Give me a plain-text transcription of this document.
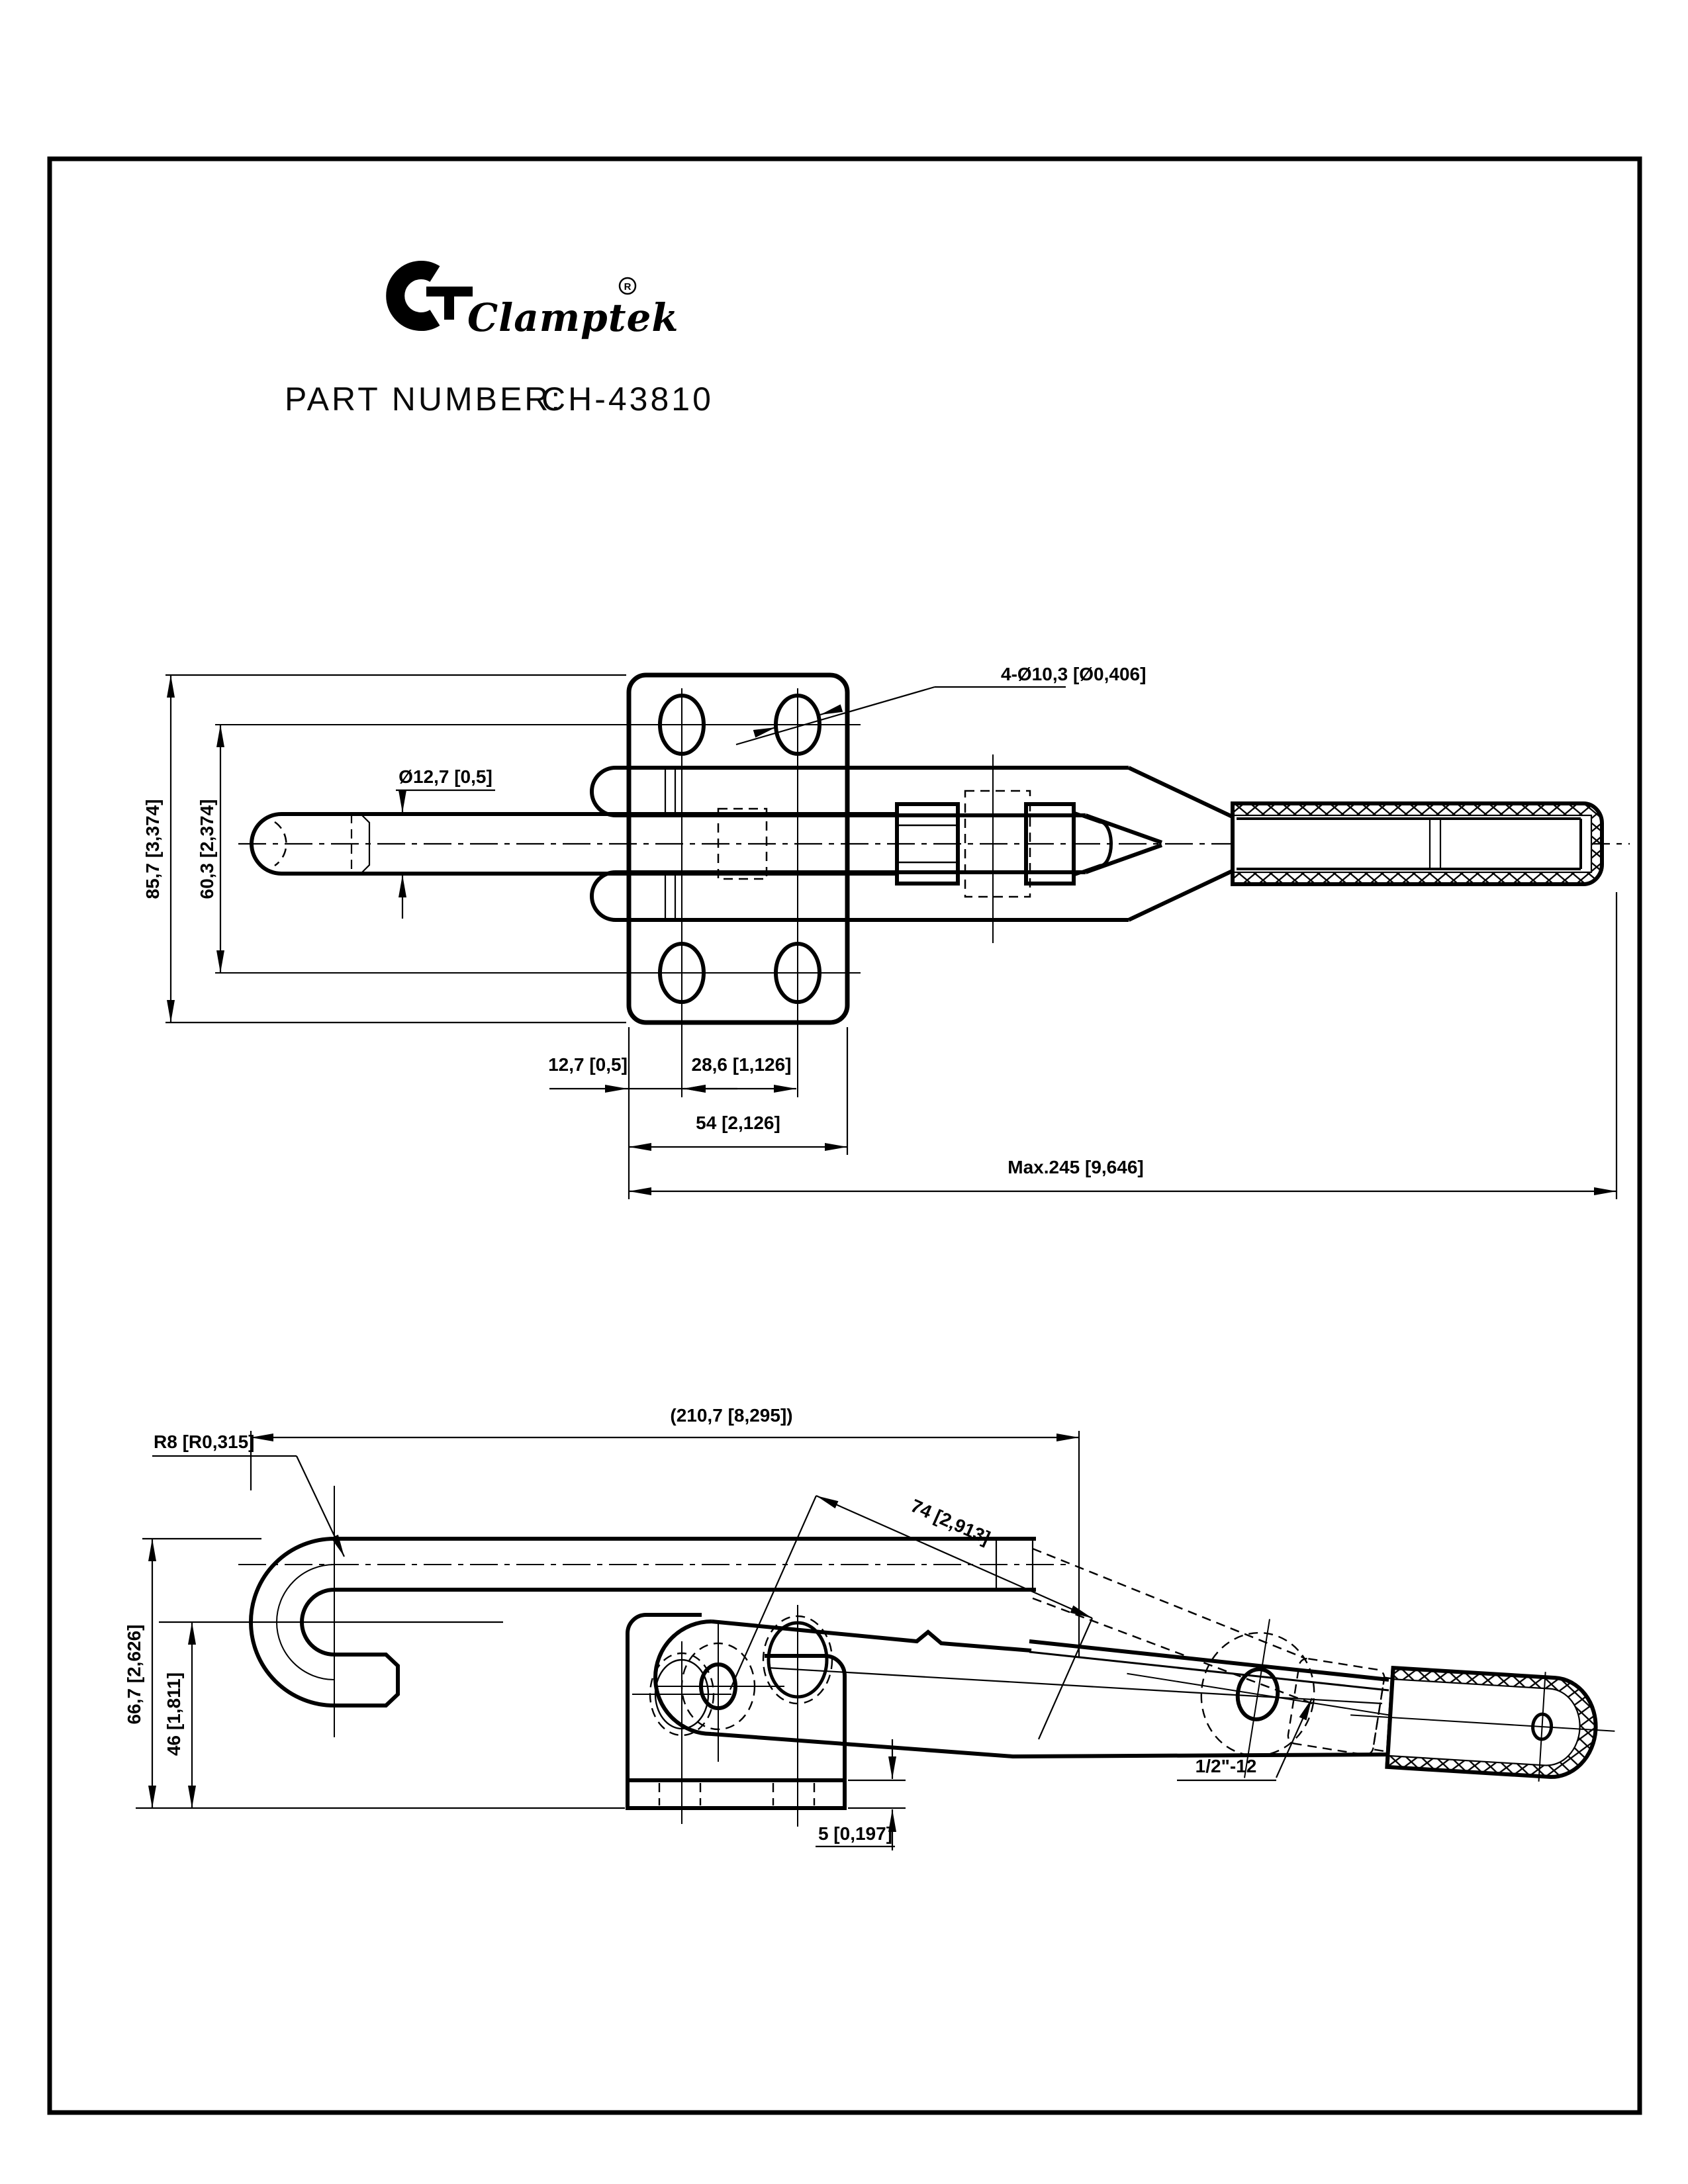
Clamptek
R
PART NUMBER:
CH-43810
85,7 [3,374] 60,3 [2,374]
Ø12,7 [0,5]
4-Ø10,3 [Ø0,406]
12,7 [0,5]	28,6 [1,126]
54 [2,126]
Max.245 [9,646]
(210,7 [8,295])
R8 [R0,315]
66,7 [2,626] 46 [1,811]
74 [2,913]
1/2"-12
5 [0,197]
